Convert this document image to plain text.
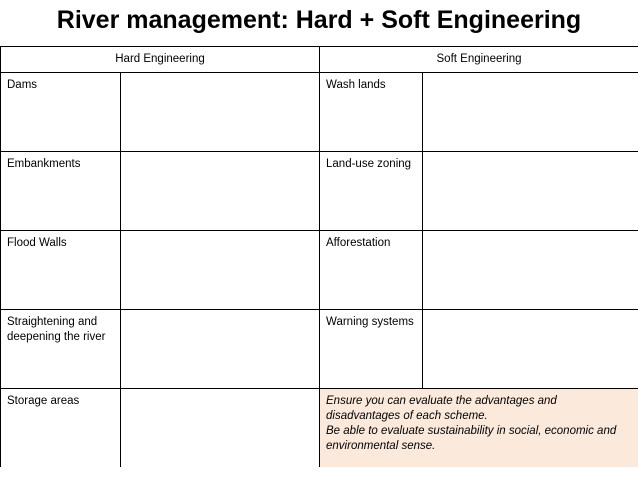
River management: Hard + Soft Engineering
Hard Engineering		Soft Engineering	
Dams		Wash lands	
Embankments		Land-use zoning	
Flood Walls		Afforestation	
Straightening and deepening the river		Warning systems	
Storage areas		Ensure you can evaluate the advantages and disadvantages of each scheme.
Be able to evaluate sustainability in social, economic and environmental sense.	
